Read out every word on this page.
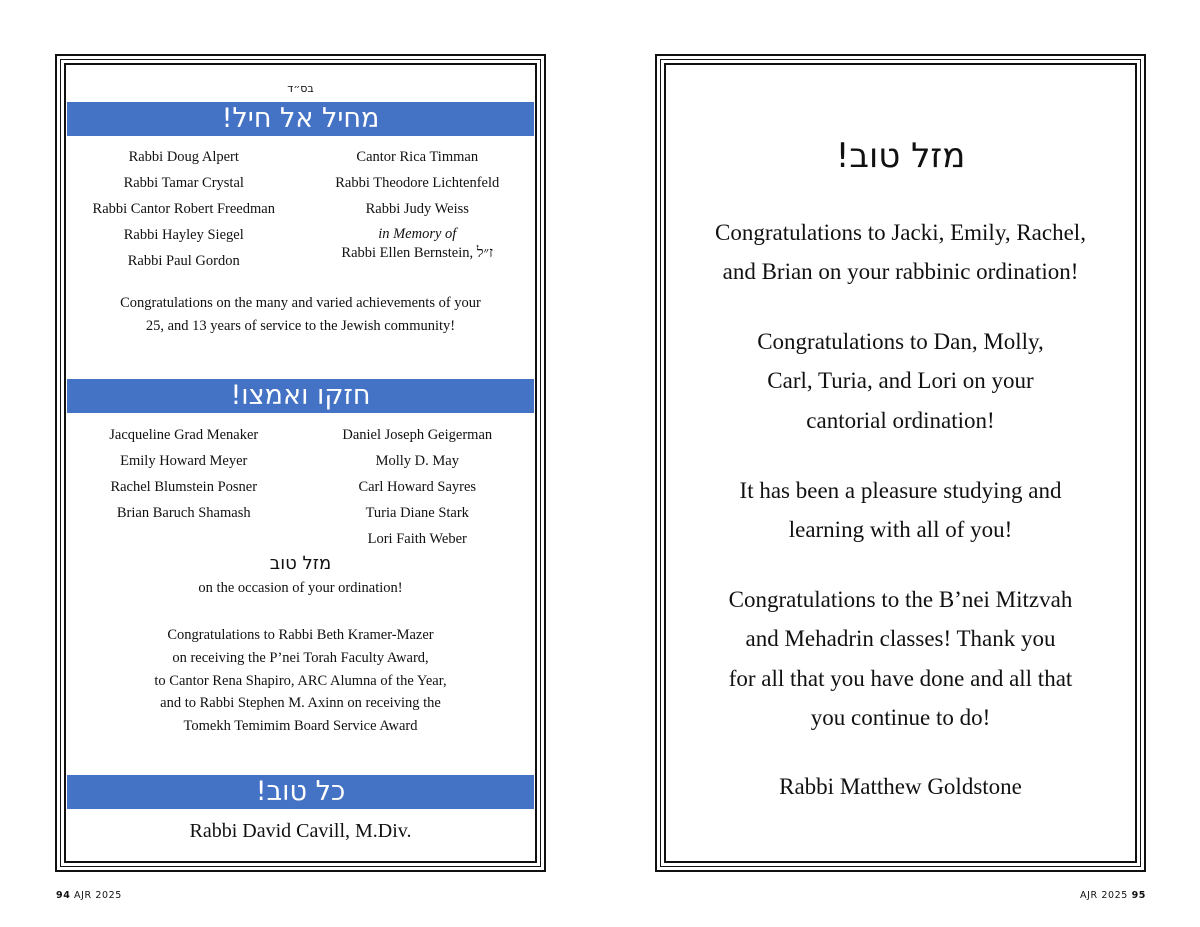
בס״ד
מחיל אל חיל!
Rabbi Doug Alpert
Rabbi Tamar Crystal
Rabbi Cantor Robert Freedman
Rabbi Hayley Siegel
Rabbi Paul Gordon
Cantor Rica Timman
Rabbi Theodore Lichtenfeld
Rabbi Judy Weiss
in Memory of
Rabbi Ellen Bernstein, ז״ל
Congratulations on the many and varied achievements of your
25, and 13 years of service to the Jewish community!
חזקו ואמצו!
Jacqueline Grad Menaker
Emily Howard Meyer
Rachel Blumstein Posner
Brian Baruch Shamash
Daniel Joseph Geigerman
Molly D. May
Carl Howard Sayres
Turia Diane Stark
Lori Faith Weber
מזל טוב
on the occasion of your ordination!
Congratulations to Rabbi Beth Kramer-Mazer
on receiving the P’nei Torah Faculty Award,
to Cantor Rena Shapiro, ARC Alumna of the Year,
and to Rabbi Stephen M. Axinn on receiving the
Tomekh Temimim Board Service Award
כל טוב!
Rabbi David Cavill, M.Div.
מזל טוב!
Congratulations to Jacki, Emily, Rachel,
and Brian on your rabbinic ordination!
Congratulations to Dan, Molly,
Carl, Turia, and Lori on your
cantorial ordination!
It has been a pleasure studying and
learning with all of you!
Congratulations to the B’nei Mitzvah
and Mehadrin classes! Thank you
for all that you have done and all that
you continue to do!
Rabbi Matthew Goldstone
94 AJR 2025	AJR 2025 95
